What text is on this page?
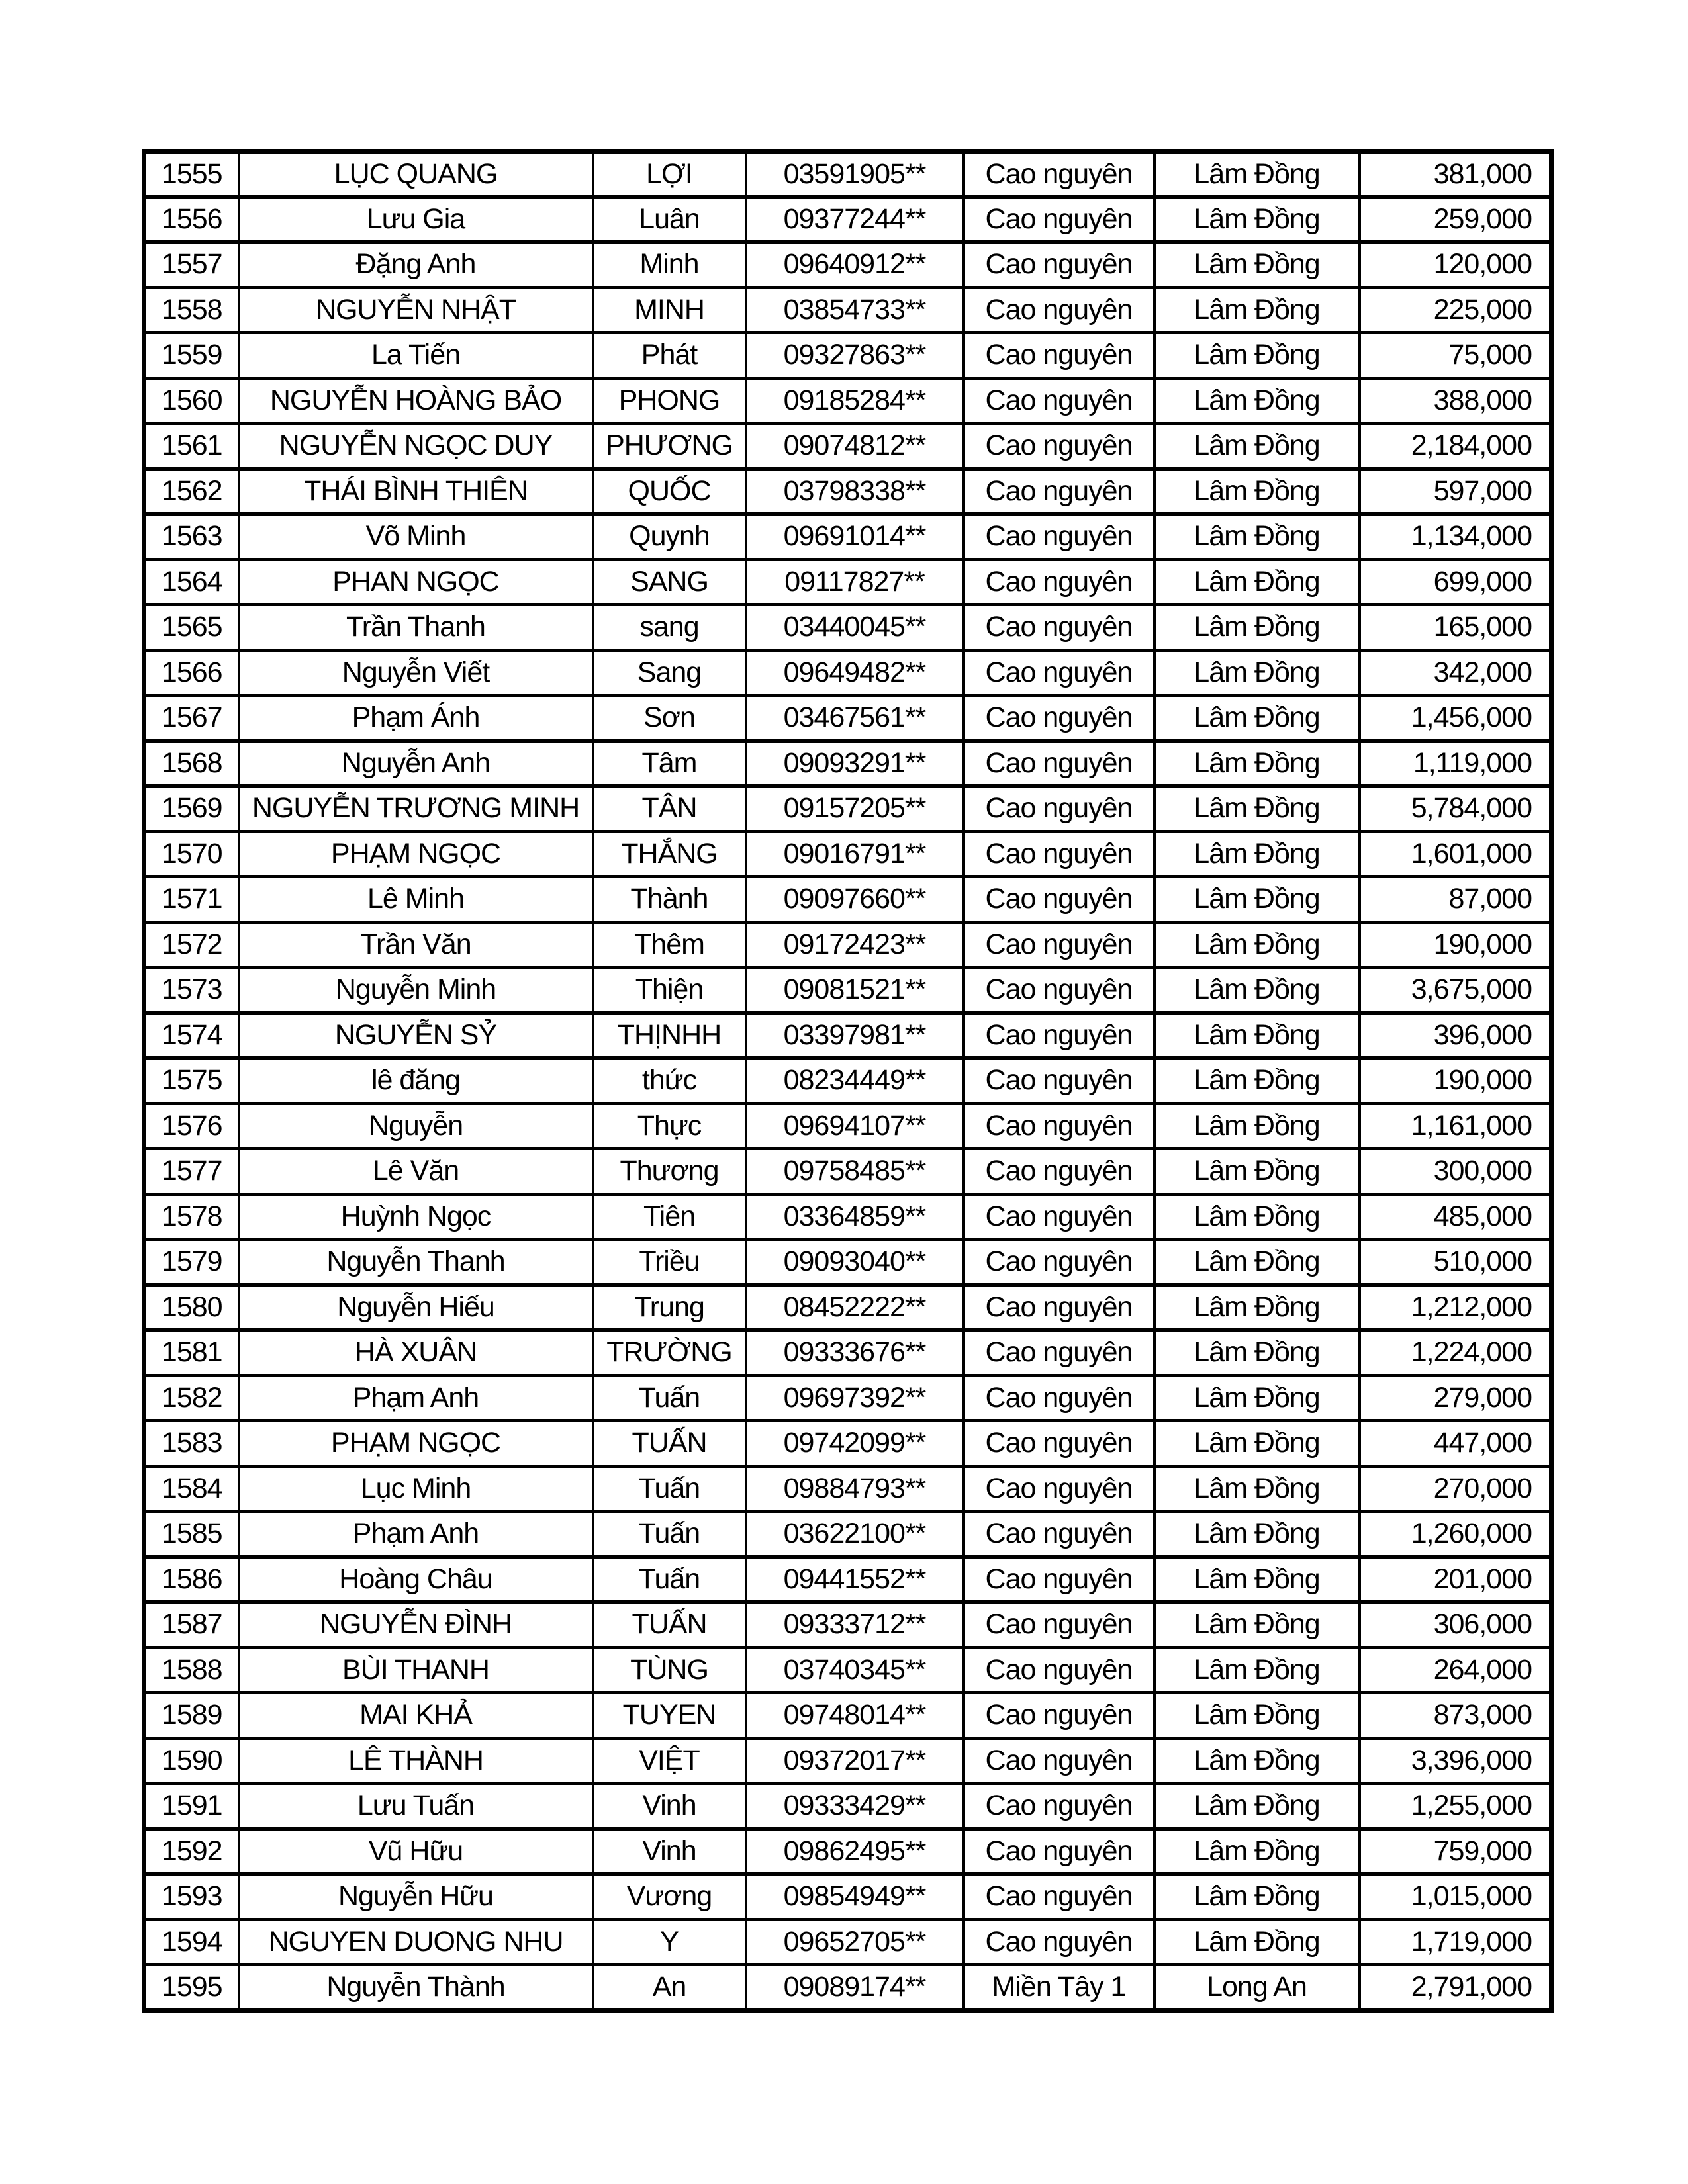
1555	LỤC QUANG	LỢI	03591905**	Cao nguyên	Lâm Đồng	381,000
1556	Lưu Gia	Luân	09377244**	Cao nguyên	Lâm Đồng	259,000
1557	Đặng Anh	Minh	09640912**	Cao nguyên	Lâm Đồng	120,000
1558	NGUYỄN NHẬT	MINH	03854733**	Cao nguyên	Lâm Đồng	225,000
1559	La Tiến	Phát	09327863**	Cao nguyên	Lâm Đồng	75,000
1560	NGUYỄN HOÀNG BẢO	PHONG	09185284**	Cao nguyên	Lâm Đồng	388,000
1561	NGUYỄN NGỌC DUY	PHƯƠNG	09074812**	Cao nguyên	Lâm Đồng	2,184,000
1562	THÁI BÌNH THIÊN	QUỐC	03798338**	Cao nguyên	Lâm Đồng	597,000
1563	Võ Minh	Quynh	09691014**	Cao nguyên	Lâm Đồng	1,134,000
1564	PHAN NGỌC	SANG	09117827**	Cao nguyên	Lâm Đồng	699,000
1565	Trần Thanh	sang	03440045**	Cao nguyên	Lâm Đồng	165,000
1566	Nguyễn Viết	Sang	09649482**	Cao nguyên	Lâm Đồng	342,000
1567	Phạm Ánh	Sơn	03467561**	Cao nguyên	Lâm Đồng	1,456,000
1568	Nguyễn Anh	Tâm	09093291**	Cao nguyên	Lâm Đồng	1,119,000
1569	NGUYỄN TRƯƠNG MINH	TÂN	09157205**	Cao nguyên	Lâm Đồng	5,784,000
1570	PHẠM NGỌC	THẮNG	09016791**	Cao nguyên	Lâm Đồng	1,601,000
1571	Lê Minh	Thành	09097660**	Cao nguyên	Lâm Đồng	87,000
1572	Trần Văn	Thêm	09172423**	Cao nguyên	Lâm Đồng	190,000
1573	Nguyễn Minh	Thiện	09081521**	Cao nguyên	Lâm Đồng	3,675,000
1574	NGUYỄN SỶ	THỊNHH	03397981**	Cao nguyên	Lâm Đồng	396,000
1575	lê đăng	thức	08234449**	Cao nguyên	Lâm Đồng	190,000
1576	Nguyễn	Thực	09694107**	Cao nguyên	Lâm Đồng	1,161,000
1577	Lê Văn	Thương	09758485**	Cao nguyên	Lâm Đồng	300,000
1578	Huỳnh Ngọc	Tiên	03364859**	Cao nguyên	Lâm Đồng	485,000
1579	Nguyễn Thanh	Triều	09093040**	Cao nguyên	Lâm Đồng	510,000
1580	Nguyễn Hiếu	Trung	08452222**	Cao nguyên	Lâm Đồng	1,212,000
1581	HÀ XUÂN	TRƯỜNG	09333676**	Cao nguyên	Lâm Đồng	1,224,000
1582	Phạm Anh	Tuấn	09697392**	Cao nguyên	Lâm Đồng	279,000
1583	PHẠM NGỌC	TUẤN	09742099**	Cao nguyên	Lâm Đồng	447,000
1584	Lục Minh	Tuấn	09884793**	Cao nguyên	Lâm Đồng	270,000
1585	Phạm Anh	Tuấn	03622100**	Cao nguyên	Lâm Đồng	1,260,000
1586	Hoàng Châu	Tuấn	09441552**	Cao nguyên	Lâm Đồng	201,000
1587	NGUYỄN ĐÌNH	TUẤN	09333712**	Cao nguyên	Lâm Đồng	306,000
1588	BÙI THANH	TÙNG	03740345**	Cao nguyên	Lâm Đồng	264,000
1589	MAI KHẢ	TUYEN	09748014**	Cao nguyên	Lâm Đồng	873,000
1590	LÊ THÀNH	VIỆT	09372017**	Cao nguyên	Lâm Đồng	3,396,000
1591	Lưu Tuấn	Vinh	09333429**	Cao nguyên	Lâm Đồng	1,255,000
1592	Vũ Hữu	Vinh	09862495**	Cao nguyên	Lâm Đồng	759,000
1593	Nguyễn Hữu	Vương	09854949**	Cao nguyên	Lâm Đồng	1,015,000
1594	NGUYEN DUONG NHU	Y	09652705**	Cao nguyên	Lâm Đồng	1,719,000
1595	Nguyễn Thành	An	09089174**	Miền Tây 1	Long An	2,791,000
